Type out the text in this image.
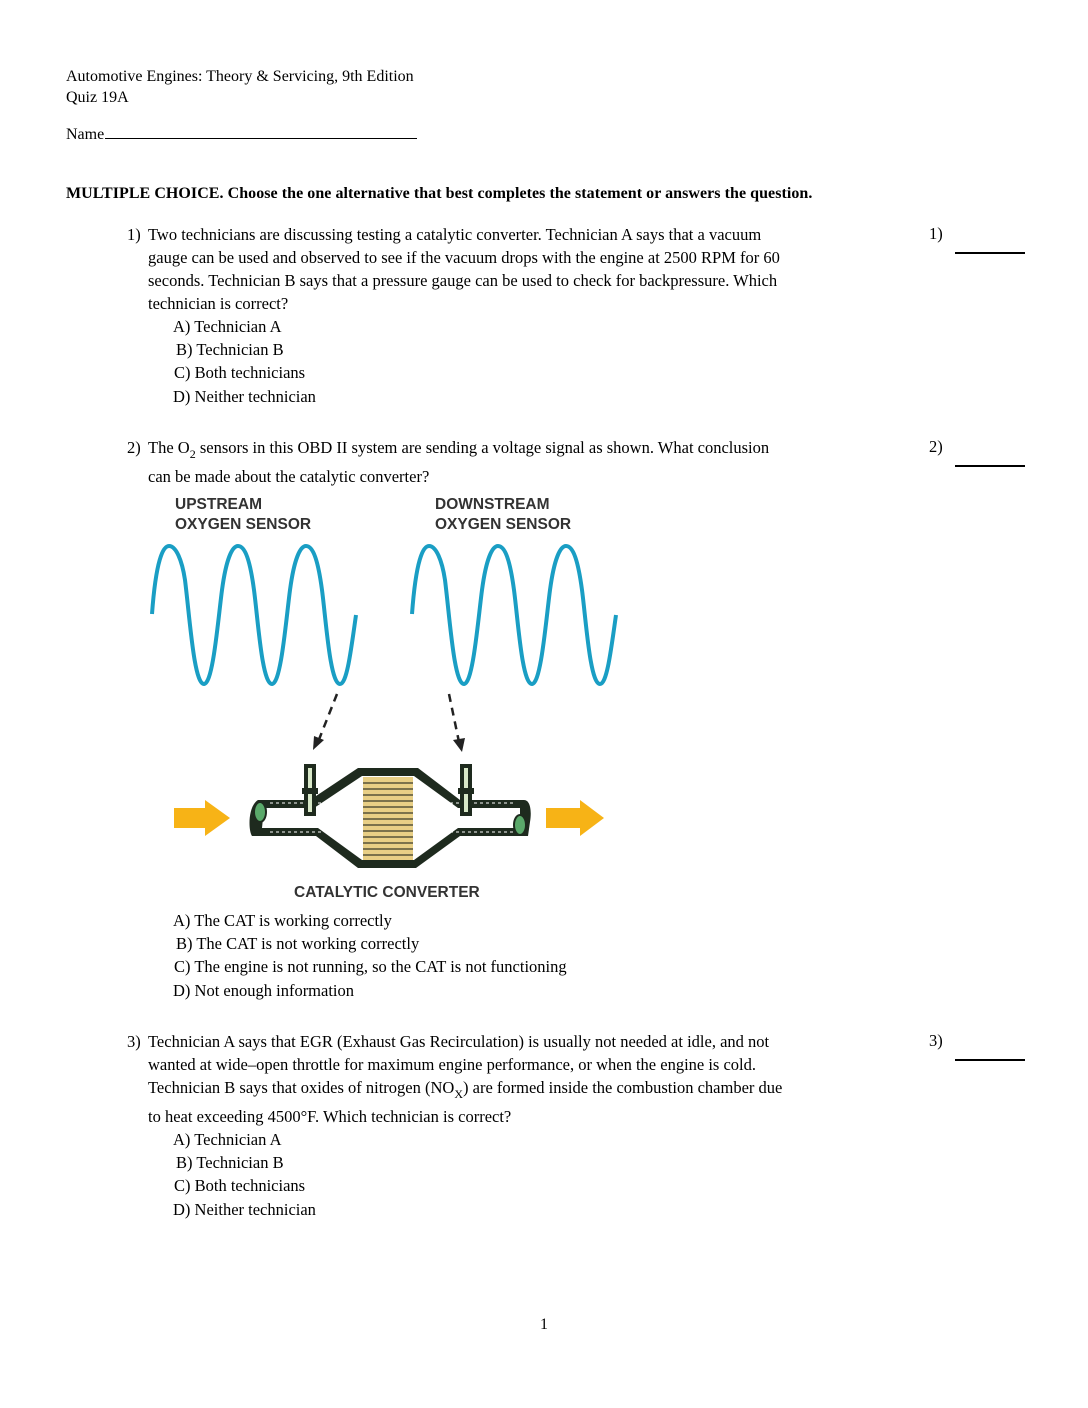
Automotive Engines: Theory & Servicing, 9th Edition
Quiz 19A
Name
MULTIPLE CHOICE. Choose the one alternative that best completes the statement or answers the question.
1) Two technicians are discussing testing a catalytic converter. Technician A says that a vacuum
gauge can be used and observed to see if the vacuum drops with the engine at 2500 RPM for 60
seconds. Technician B says that a pressure gauge can be used to check for backpressure. Which
technician is correct?
A) Technician A
B) Technician B
C) Both technicians
D) Neither technician
1)
2) The $O_2$ sensors in this OBD II system are sending a voltage signal as shown. What conclusion
can be made about the catalytic converter?
2)
UPSTREAM
OXYGEN SENSOR
DOWNSTREAM
OXYGEN SENSOR
CATALYTIC CONVERTER
A) The CAT is working correctly
B) The CAT is not working correctly
C) The engine is not running, so the CAT is not functioning
D) Not enough information
3) Technician A says that EGR (Exhaust Gas Recirculation) is usually not needed at idle, and not
wanted at wide–open throttle for maximum engine performance, or when the engine is cold.
Technician B says that oxides of nitrogen $(NO_X)$ are formed inside the combustion chamber due
to heat exceeding 4500°F. Which technician is correct?
A) Technician A
B) Technician B
C) Both technicians
D) Neither technician
3)
1
